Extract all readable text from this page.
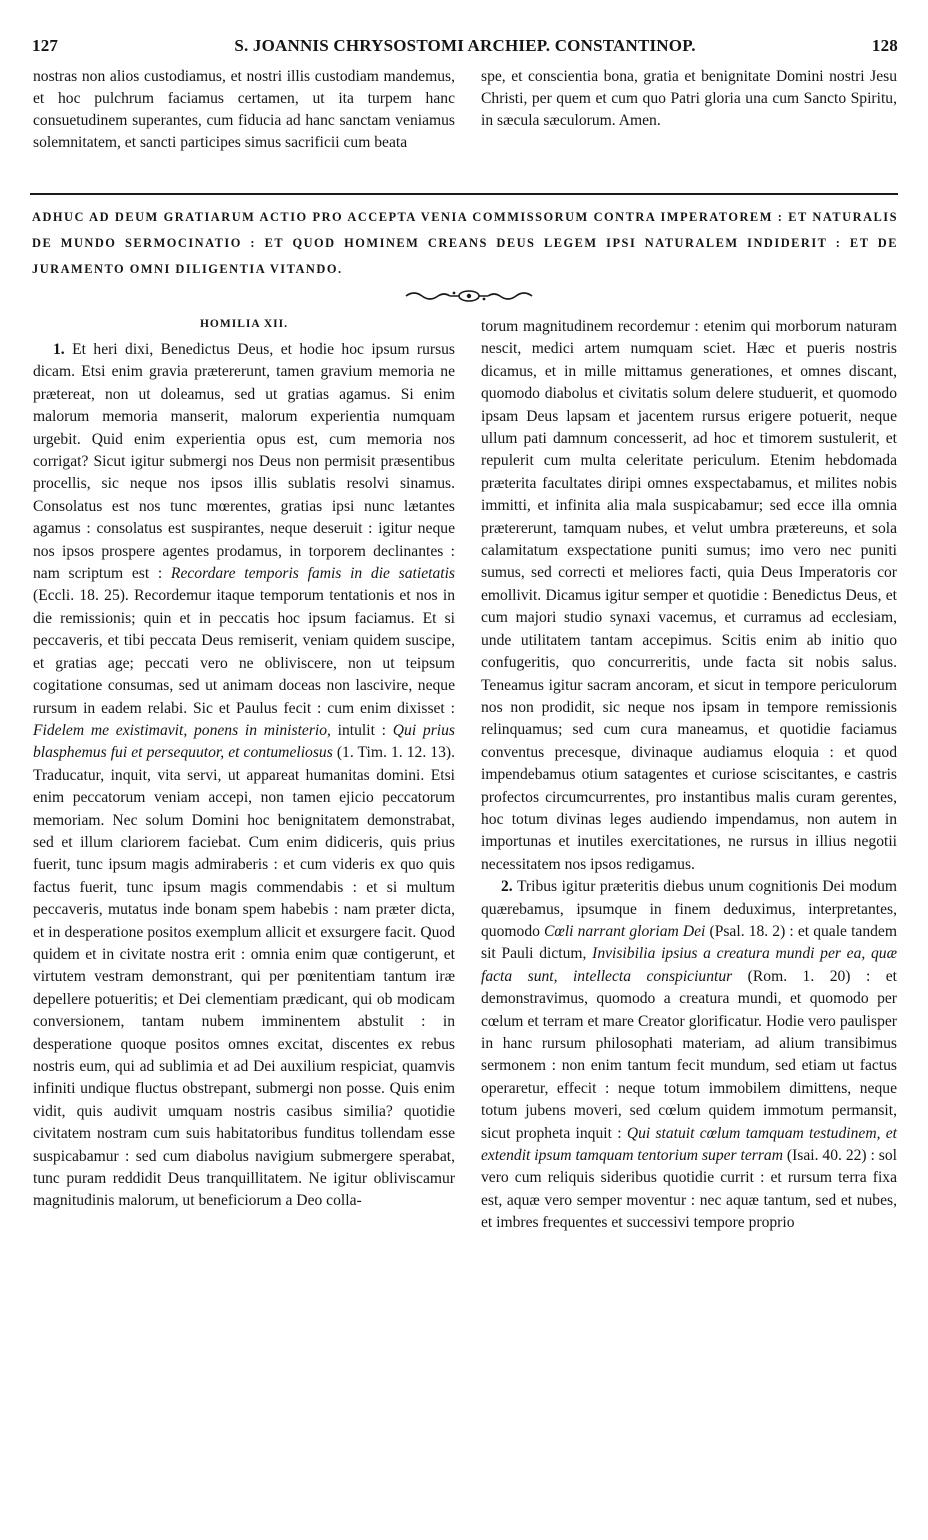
127	S. JOANNIS CHRYSOSTOMI ARCHIEP. CONSTANTINOP.	128

nostras non alios custodiamus, et nostri illis custodiam mandemus, et hoc pulchrum faciamus certamen, ut ita turpem hanc consuetudinem superantes, cum fiducia ad hanc sanctam veniamus solemnitatem, et sancti participes simus sacrificii cum beata

spe, et conscientia bona, gratia et benignitate Domini nostri Jesu Christi, per quem et cum quo Patri gloria una cum Sancto Spiritu, in sæcula sæculorum. Amen.

ADHUC AD DEUM GRATIARUM ACTIO PRO ACCEPTA VENIA COMMISSORUM CONTRA IMPERATOREM : ET NATURALIS DE MUNDO SERMOCINATIO : ET QUOD HOMINEM CREANS DEUS LEGEM IPSI NATURALEM INDIDERIT : ET DE JURAMENTO OMNI DILIGENTIA VITANDO.
HOMILIA XII.

1. Et heri dixi, Benedictus Deus, et hodie hoc ipsum rursus dicam. Etsi enim gravia prætererunt, tamen gravium memoria ne prætereat, non ut doleamus, sed ut gratias agamus. Si enim malorum memoria manserit, malorum experientia numquam urgebit. Quid enim experientia opus est, cum memoria nos corrigat? Sicut igitur submergi nos Deus non permisit præsentibus procellis, sic neque nos ipsos illis sublatis resolvi sinamus. Consolatus est nos tunc mœrentes, gratias ipsi nunc lætantes agamus : consolatus est suspirantes, neque deseruit : igitur neque nos ipsos prospere agentes prodamus, in torporem declinantes : nam scriptum est : Recordare temporis famis in die satietatis (Eccli. 18. 25). Recordemur itaque temporum tentationis et nos in die remissionis; quin et in peccatis hoc ipsum faciamus. Et si peccaveris, et tibi peccata Deus remiserit, veniam quidem suscipe, et gratias age; peccati vero ne obliviscere, non ut teipsum cogitatione consumas, sed ut animam doceas non lascivire, neque rursum in eadem relabi. Sic et Paulus fecit : cum enim dixisset : Fidelem me existimavit, ponens in ministerio, intulit : Qui prius blasphemus fui et persequutor, et contumeliosus (1. Tim. 1. 12. 13). Traducatur, inquit, vita servi, ut appareat humanitas domini. Etsi enim peccatorum veniam accepi, non tamen ejicio peccatorum memoriam. Nec solum Domini hoc benignitatem demonstrabat, sed et illum clariorem faciebat. Cum enim didiceris, quis prius fuerit, tunc ipsum magis admiraberis : et cum videris ex quo quis factus fuerit, tunc ipsum magis commendabis : et si multum peccaveris, mutatus inde bonam spem habebis : nam præter dicta, et in desperatione positos exemplum allicit et exsurgere facit. Quod quidem et in civitate nostra erit : omnia enim quæ contigerunt, et virtutem vestram demonstrant, qui per pœnitentiam tantum iræ depellere potueritis; et Dei clementiam prædicant, qui ob modicam conversionem, tantam nubem imminentem abstulit : in desperatione quoque positos omnes excitat, discentes ex rebus nostris eum, qui ad sublimia et ad Dei auxilium respiciat, quamvis infiniti undique fluctus obstrepant, submergi non posse. Quis enim vidit, quis audivit umquam nostris casibus similia? quotidie civitatem nostram cum suis habitatoribus funditus tollendam esse suspicabamur : sed cum diabolus navigium submergere sperabat, tunc puram reddidit Deus tranquillitatem. Ne igitur obliviscamur magnitudinis malorum, ut beneficiorum a Deo colla-

torum magnitudinem recordemur : etenim qui morborum naturam nescit, medici artem numquam sciet. Hæc et pueris nostris dicamus, et in mille mittamus generationes, et omnes discant, quomodo diabolus et civitatis solum delere studuerit, et quomodo ipsam Deus lapsam et jacentem rursus erigere potuerit, neque ullum pati damnum concesserit, ad hoc et timorem sustulerit, et repulerit cum multa celeritate periculum. Etenim hebdomada præterita facultates diripi omnes exspectabamus, et milites nobis immitti, et infinita alia mala suspicabamur; sed ecce illa omnia prætererunt, tamquam nubes, et velut umbra prætereuns, et sola calamitatum exspectatione puniti sumus; imo vero nec puniti sumus, sed correcti et meliores facti, quia Deus Imperatoris cor emollivit. Dicamus igitur semper et quotidie : Benedictus Deus, et cum majori studio synaxi vacemus, et curramus ad ecclesiam, unde utilitatem tantam accepimus. Scitis enim ab initio quo confugeritis, quo concurreritis, unde facta sit nobis salus. Teneamus igitur sacram ancoram, et sicut in tempore periculorum nos non prodidit, sic neque nos ipsam in tempore remissionis relinquamus; sed cum cura maneamus, et quotidie faciamus conventus precesque, divinaque audiamus eloquia : et quod impendebamus otium satagentes et curiose sciscitantes, e castris profectos circumcurrentes, pro instantibus malis curam gerentes, hoc totum divinas leges audiendo impendamus, non autem in importunas et inutiles exercitationes, ne rursus in illius negotii necessitatem nos ipsos redigamus.

2. Tribus igitur præteritis diebus unum cognitionis Dei modum quærebamus, ipsumque in finem deduximus, interpretantes, quomodo Cœli narrant gloriam Dei (Psal. 18. 2) : et quale tandem sit Pauli dictum, Invisibilia ipsius a creatura mundi per ea, quæ facta sunt, intellecta conspiciuntur (Rom. 1. 20) : et demonstravimus, quomodo a creatura mundi, et quomodo per cœlum et terram et mare Creator glorificatur. Hodie vero paulisper in hanc rursum philosophati materiam, ad alium transibimus sermonem : non enim tantum fecit mundum, sed etiam ut factus operaretur, effecit : neque totum immobilem dimittens, neque totum jubens moveri, sed cœlum quidem immotum permansit, sicut propheta inquit : Qui statuit cœlum tamquam testudinem, et extendit ipsum tamquam tentorium super terram (Isai. 40. 22) : sol vero cum reliquis sideribus quotidie currit : et rursum terra fixa est, aquæ vero semper moventur : nec aquæ tantum, sed et nubes, et imbres frequentes et successivi tempore proprio
